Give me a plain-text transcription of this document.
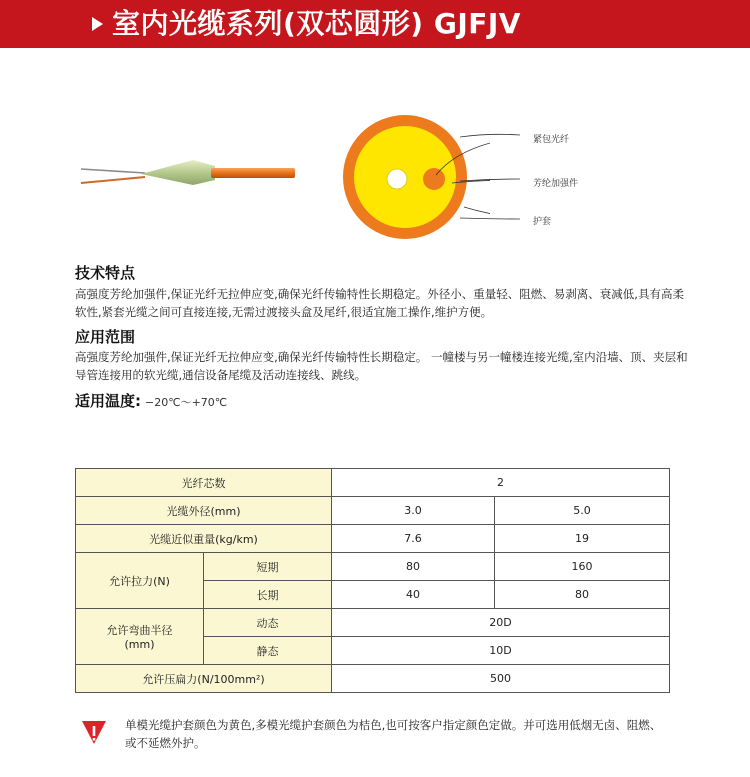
室内光缆系列(双芯圆形) GJFJV
紧包光纤
芳纶加强件
护套
技术特点
高强度芳纶加强件,保证光纤无拉伸应变,确保光纤传输特性长期稳定。外径小、重量轻、阻燃、易剥离、衰减低,具有高柔软性,紧套光缆之间可直接连接,无需过渡接头盒及尾纤,很适宜施工操作,维护方便。
应用范围
高强度芳纶加强件,保证光纤无拉伸应变,确保光纤传输特性长期稳定。 一幢楼与另一幢楼连接光缆,室内沿墙、顶、夹层和导管连接用的软光缆,通信设备尾缆及活动连接线、跳线。
适用温度: −20℃～+70℃
光纤芯数		2	
光缆外径(mm)		3.0	5.0
光缆近似重量(kg/km)		7.6	19
允许拉力(N)	短期	80	160
	长期	40	80

允许弯曲半径
(mm)	动态	20D	
	静态	10D	
允许压扁力(N/100mm²)		500	
单模光缆护套颜色为黄色,多模光缆护套颜色为桔色,也可按客户指定颜色定做。并可选用低烟无卤、阻燃、或不延燃外护。
